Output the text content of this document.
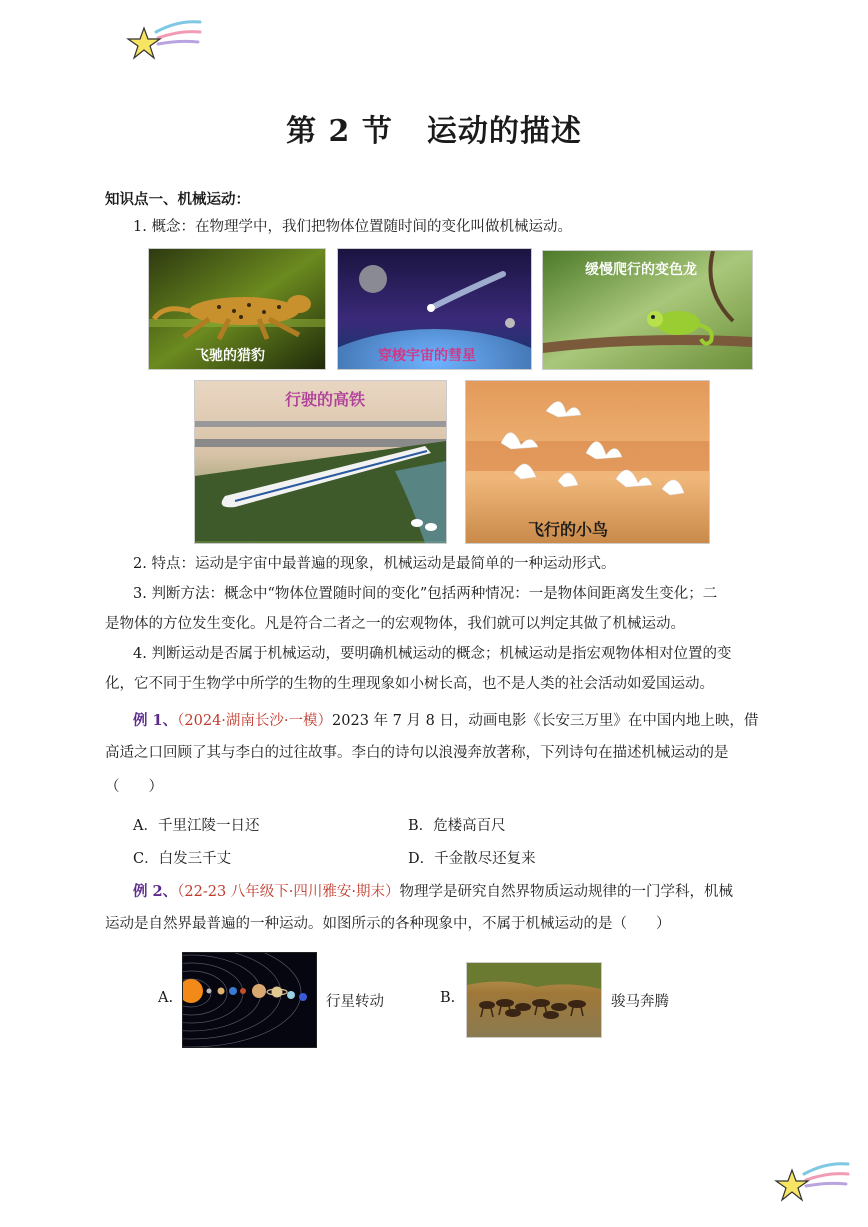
第 2 节 运动的描述
知识点一、机械运动：
1. 概念：在物理学中，我们把物体位置随时间的变化叫做机械运动。
飞驰的猎豹	穿梭宇宙的彗星
缓慢爬行的变色龙
行驶的高铁
飞行的小鸟
2. 特点：运动是宇宙中最普遍的现象，机械运动是最简单的一种运动形式。
3. 判断方法：概念中“物体位置随时间的变化”包括两种情况：一是物体间距离发生变化；二
是物体的方位发生变化。凡是符合二者之一的宏观物体，我们就可以判定其做了机械运动。
4. 判断运动是否属于机械运动，要明确机械运动的概念；机械运动是指宏观物体相对位置的变
化，它不同于生物学中所学的生物的生理现象如小树长高，也不是人类的社会活动如爱国运动。
例 1、（2024·湖南长沙·一模）2023 年 7 月 8 日，动画电影《长安三万里》在中国内地上映，借
高适之口回顾了其与李白的过往故事。李白的诗句以浪漫奔放著称，下列诗句在描述机械运动的是
（　　）
A．千里江陵一日还	B．危楼高百尺
C．白发三千丈	D．千金散尽还复来
例 2、（22-23 八年级下·四川雅安·期末）物理学是研究自然界物质运动规律的一门学科，机械
运动是自然界最普遍的一种运动。如图所示的各种现象中，不属于机械运动的是（　　）
A.	行星转动	B.	骏马奔腾
